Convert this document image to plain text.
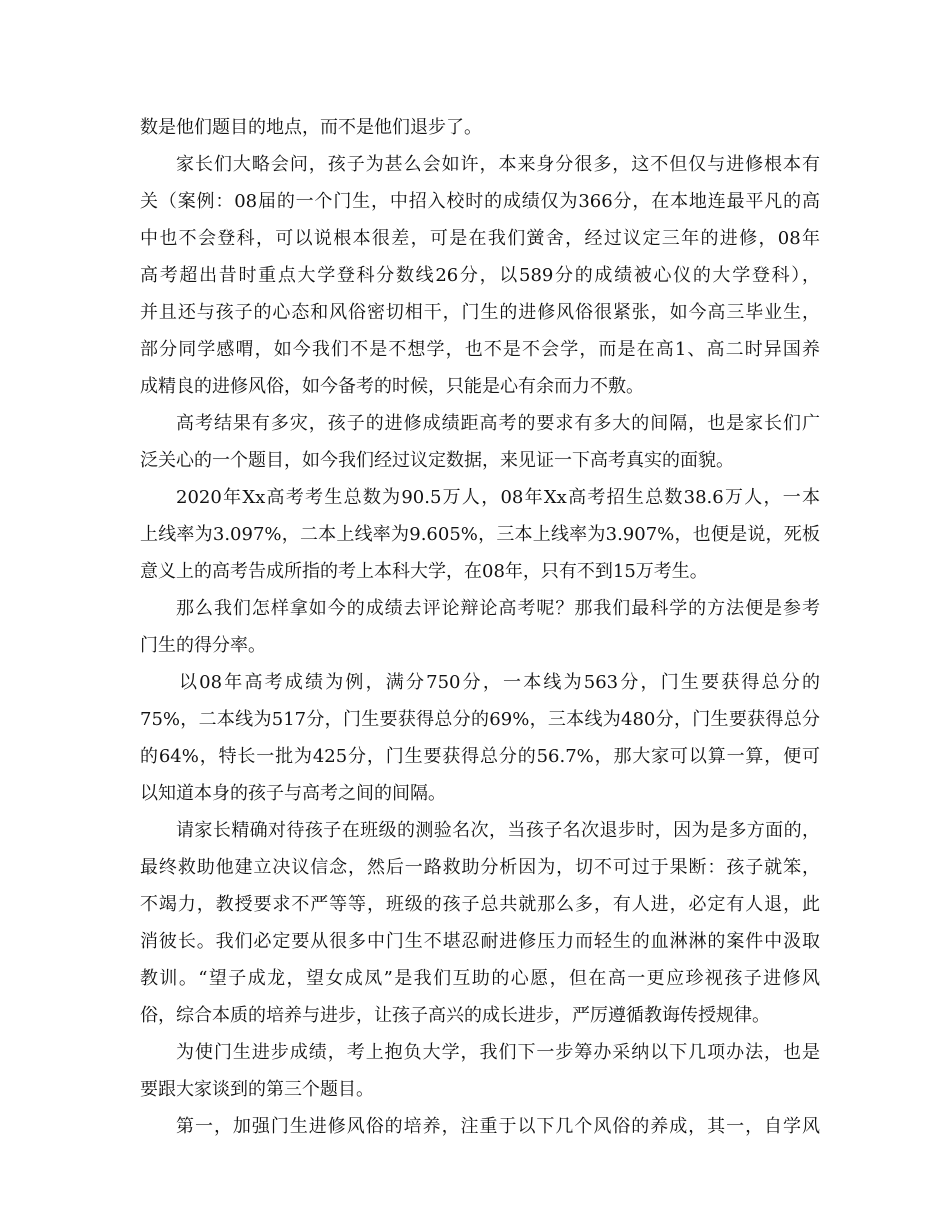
数是他们题目的地点，而不是他们退步了。
家长们大略会问，孩子为甚么会如许，本来身分很多，这不但仅与进修根本有
关（案例：08届的一个门生，中招入校时的成绩仅为366分，在本地连最平凡的高
中也不会登科，可以说根本很差，可是在我们黉舍，经过议定三年的进修，08年
高考超出昔时重点大学登科分数线26分，以589分的成绩被心仪的大学登科），
并且还与孩子的心态和风俗密切相干，门生的进修风俗很紧张，如今高三毕业生，
部分同学感喟，如今我们不是不想学，也不是不会学，而是在高1、高二时异国养
成精良的进修风俗，如今备考的时候，只能是心有余而力不敷。
高考结果有多灾，孩子的进修成绩距高考的要求有多大的间隔，也是家长们广
泛关心的一个题目，如今我们经过议定数据，来见证一下高考真实的面貌。
2020年Xx高考考生总数为90.5万人，08年Xx高考招生总数38.6万人，一本
上线率为3.097%，二本上线率为9.605%，三本上线率为3.907%，也便是说，死板
意义上的高考告成所指的考上本科大学，在08年，只有不到15万考生。
那么我们怎样拿如今的成绩去评论辩论高考呢？那我们最科学的方法便是参考
门生的得分率。
以08年高考成绩为例，满分750分，一本线为563分，门生要获得总分的
75%，二本线为517分，门生要获得总分的69%，三本线为480分，门生要获得总分
的64%，特长一批为425分，门生要获得总分的56.7%，那大家可以算一算，便可
以知道本身的孩子与高考之间的间隔。
请家长精确对待孩子在班级的测验名次，当孩子名次退步时，因为是多方面的，
最终救助他建立决议信念，然后一路救助分析因为，切不可过于果断：孩子就笨，
不竭力，教授要求不严等等，班级的孩子总共就那么多，有人进，必定有人退，此
消彼长。我们必定要从很多中门生不堪忍耐进修压力而轻生的血淋淋的案件中汲取
教训。“望子成龙，望女成凤”是我们互助的心愿，但在高一更应珍视孩子进修风
俗，综合本质的培养与进步，让孩子高兴的成长进步，严厉遵循教诲传授规律。
为使门生进步成绩，考上抱负大学，我们下一步筹办采纳以下几项办法，也是
要跟大家谈到的第三个题目。
第一，加强门生进修风俗的培养，注重于以下几个风俗的养成，其一，自学风
